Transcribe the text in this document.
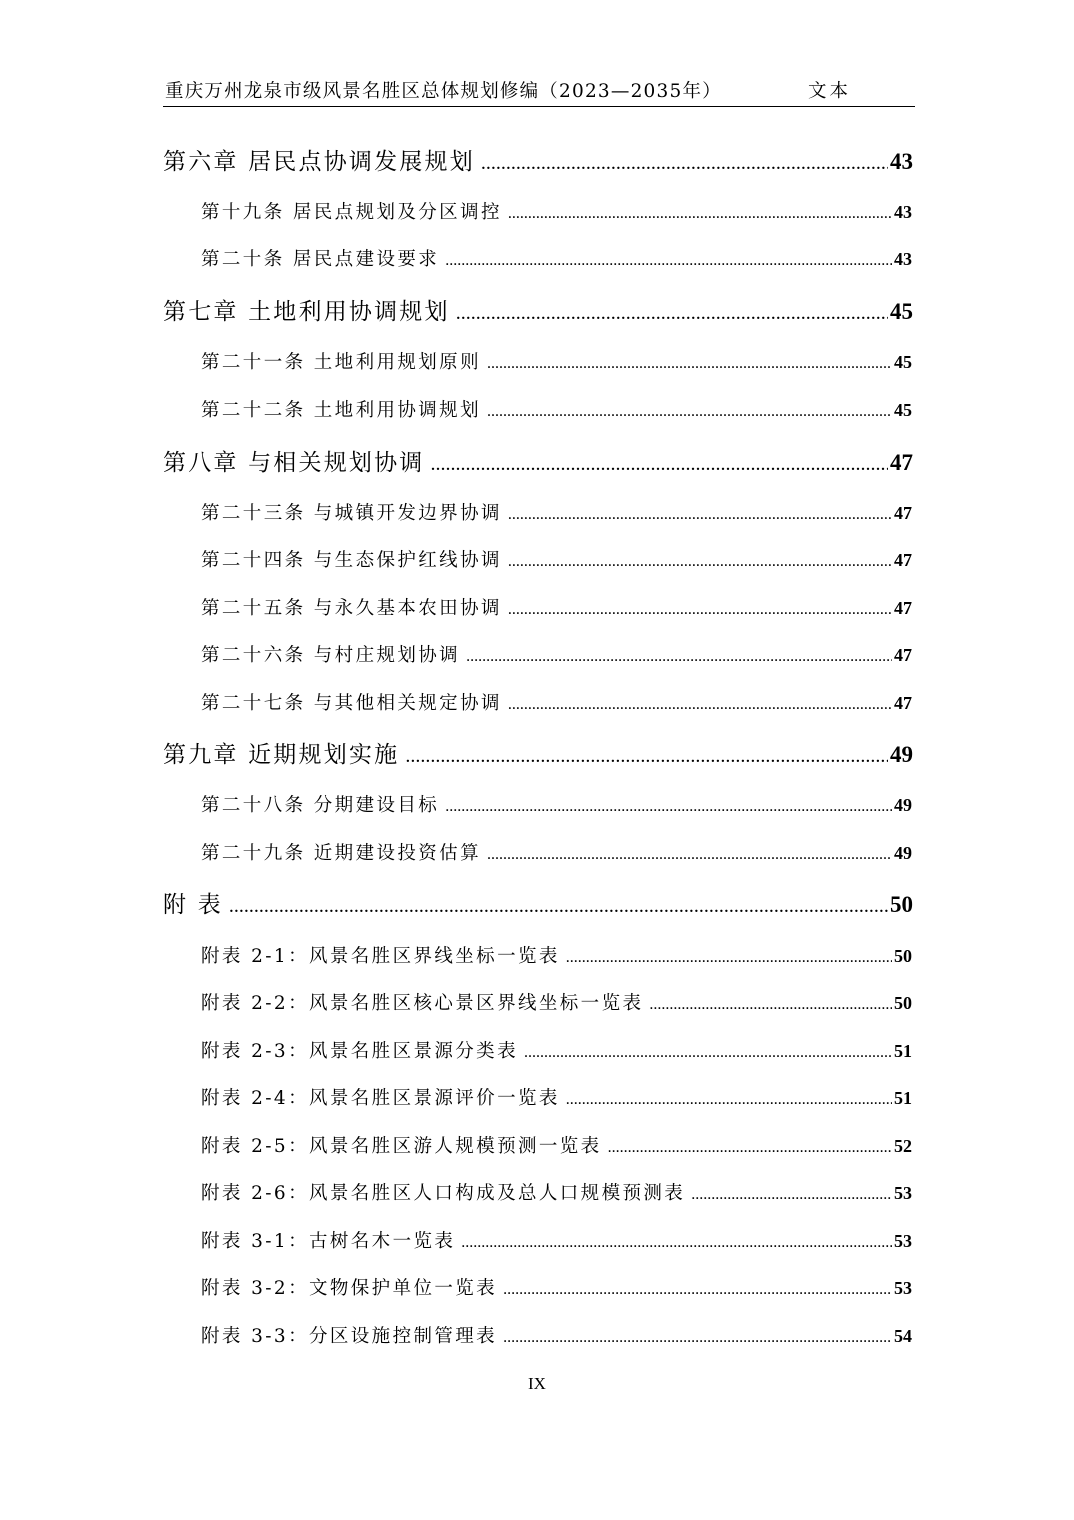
重庆万州龙泉市级风景名胜区总体规划修编（2023—2035年）	文本
第六章 居民点协调发展规划 .....	43
第十九条 居民点规划及分区调控 .....	43
第二十条 居民点建设要求 .....	43
第七章 土地利用协调规划 .....	45
第二十一条 土地利用规划原则 .....	45
第二十二条 土地利用协调规划 .....	45
第八章 与相关规划协调 .....	47
第二十三条 与城镇开发边界协调 .....	47
第二十四条 与生态保护红线协调 .....	47
第二十五条 与永久基本农田协调 .....	47
第二十六条 与村庄规划协调 .....	47
第二十七条 与其他相关规定协调 .....	47
第九章 近期规划实施 .....	49
第二十八条 分期建设目标 .....	49
第二十九条 近期建设投资估算 .....	49
附 表 .....	50
附表 2-1：风景名胜区界线坐标一览表 .....	50
附表 2-2：风景名胜区核心景区界线坐标一览表 .....	50
附表 2-3：风景名胜区景源分类表 .....	51
附表 2-4：风景名胜区景源评价一览表 .....	51
附表 2-5：风景名胜区游人规模预测一览表 .....	52
附表 2-6：风景名胜区人口构成及总人口规模预测表 .....	53
附表 3-1：古树名木一览表 .....	53
附表 3-2：文物保护单位一览表 .....	53
附表 3-3：分区设施控制管理表 .....	54
IX
